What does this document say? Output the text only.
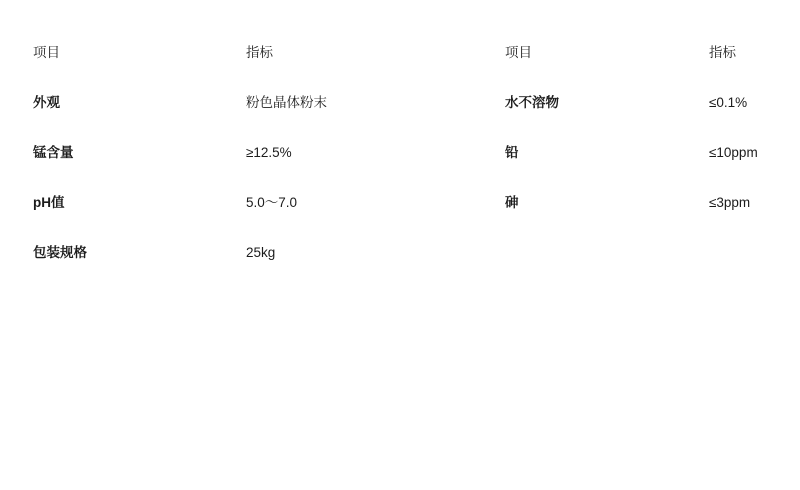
项目	指标	项目	指标
外观	粉色晶体粉末	水不溶物	≤0.1%
锰含量	≥12.5%	铅	≤10ppm
pH值	5.0～7.0	砷	≤3ppm
包装规格	25kg		
